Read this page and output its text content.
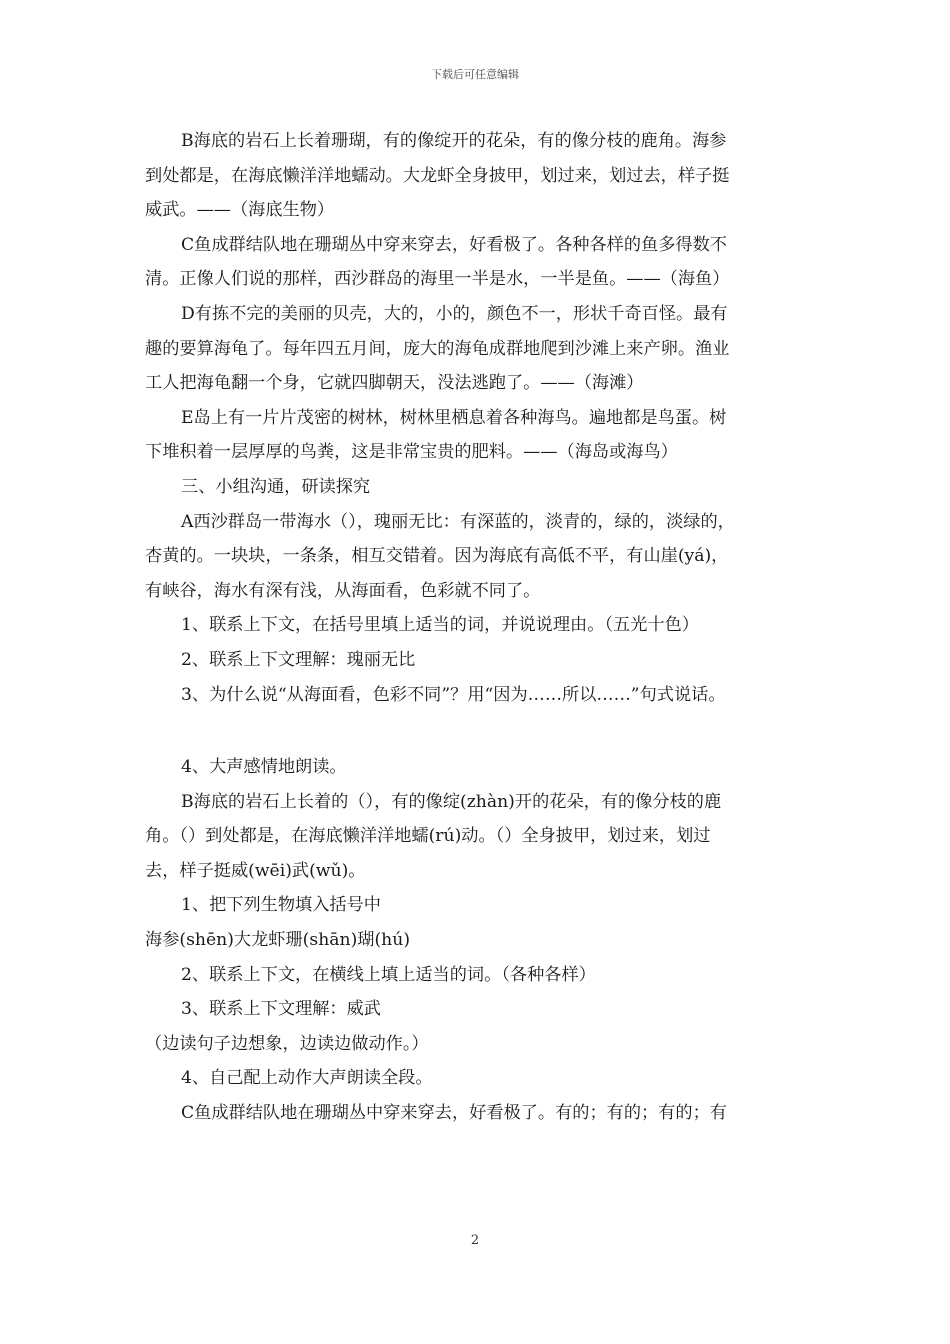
下载后可任意编辑
B海底的岩石上长着珊瑚，有的像绽开的花朵，有的像分枝的鹿角。海参
到处都是，在海底懒洋洋地蠕动。大龙虾全身披甲，划过来，划过去，样子挺
威武。——（海底生物）
C鱼成群结队地在珊瑚丛中穿来穿去，好看极了。各种各样的鱼多得数不
清。正像人们说的那样，西沙群岛的海里一半是水，一半是鱼。——（海鱼）
D有拣不完的美丽的贝壳，大的，小的，颜色不一，形状千奇百怪。最有
趣的要算海龟了。每年四五月间，庞大的海龟成群地爬到沙滩上来产卵。渔业
工人把海龟翻一个身，它就四脚朝天，没法逃跑了。——（海滩）
E岛上有一片片茂密的树林，树林里栖息着各种海鸟。遍地都是鸟蛋。树
下堆积着一层厚厚的鸟粪，这是非常宝贵的肥料。——（海岛或海鸟）
三、小组沟通，研读探究
A西沙群岛一带海水（），瑰丽无比：有深蓝的，淡青的，绿的，淡绿的，
杏黄的。一块块，一条条，相互交错着。因为海底有高低不平，有山崖(yá)，
有峡谷，海水有深有浅，从海面看，色彩就不同了。
1、联系上下文，在括号里填上适当的词，并说说理由。（五光十色）
2、联系上下文理解：瑰丽无比
3、为什么说“从海面看，色彩不同”？用“因为……所以……”句式说话。
4、大声感情地朗读。
B海底的岩石上长着的（），有的像绽(zhàn)开的花朵，有的像分枝的鹿
角。（）到处都是，在海底懒洋洋地蠕(rú)动。（）全身披甲，划过来，划过
去，样子挺威(wēi)武(wǔ)。
1、把下列生物填入括号中
海参(shēn)大龙虾珊(shān)瑚(hú)
2、联系上下文，在横线上填上适当的词。（各种各样）
3、联系上下文理解：威武
（边读句子边想象，边读边做动作。）
4、自己配上动作大声朗读全段。
C鱼成群结队地在珊瑚丛中穿来穿去，好看极了。有的；有的；有的；有
2
